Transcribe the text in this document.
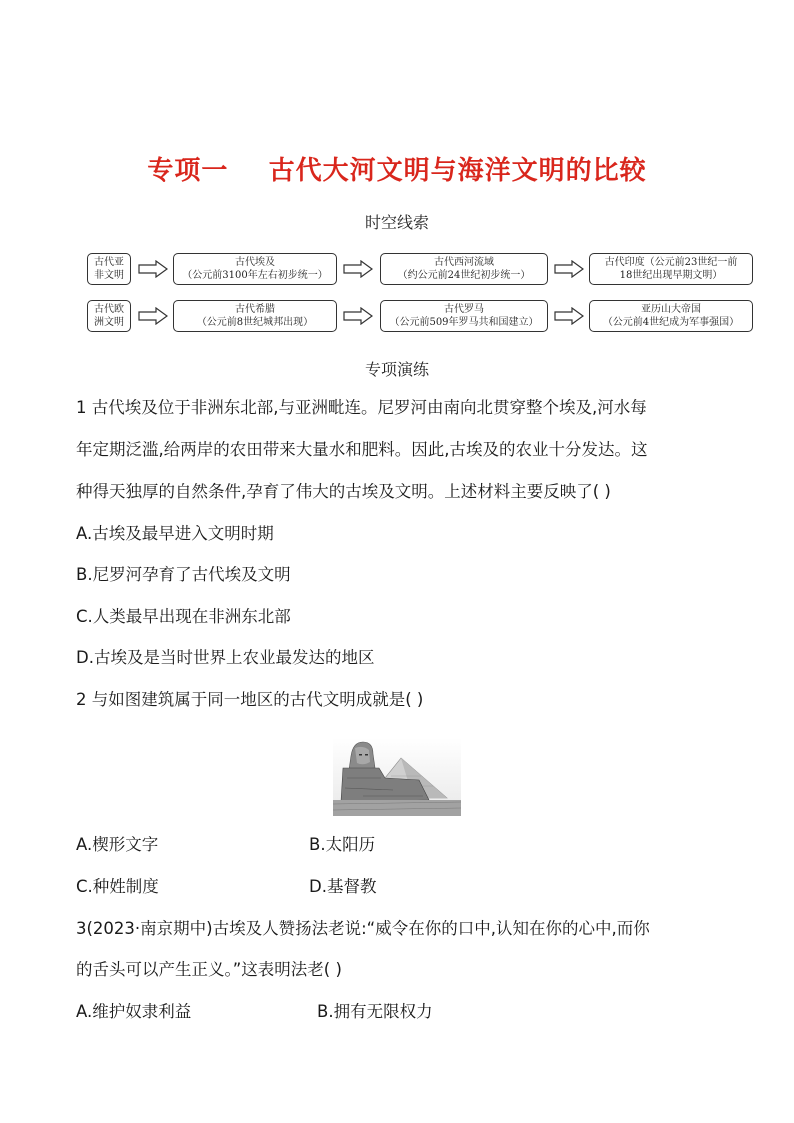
专项一    古代大河文明与海洋文明的比较
时空线索
古代亚
非文明
古代埃及
（公元前3100年左右初步统一）
古代西河流域
（约公元前24世纪初步统一）
古代印度（公元前23世纪一前
18世纪出现早期文明）
古代欧
洲文明
古代希腊
（公元前8世纪城邦出现）
古代罗马
（公元前509年罗马共和国建立）
亚历山大帝国
（公元前4世纪成为军事强国）
专项演练
1 古代埃及位于非洲东北部,与亚洲毗连。尼罗河由南向北贯穿整个埃及,河水每
年定期泛滥,给两岸的农田带来大量水和肥料。因此,古埃及的农业十分发达。这
种得天独厚的自然条件,孕育了伟大的古埃及文明。上述材料主要反映了( )
A.古埃及最早进入文明时期
B.尼罗河孕育了古代埃及文明
C.人类最早出现在非洲东北部
D.古埃及是当时世界上农业最发达的地区
2 与如图建筑属于同一地区的古代文明成就是( )
A.楔形文字	B.太阳历
C.种姓制度	D.基督教
3(2023·南京期中)古埃及人赞扬法老说:“威令在你的口中,认知在你的心中,而你
的舌头可以产生正义。”这表明法老( )
A.维护奴隶利益	B.拥有无限权力
